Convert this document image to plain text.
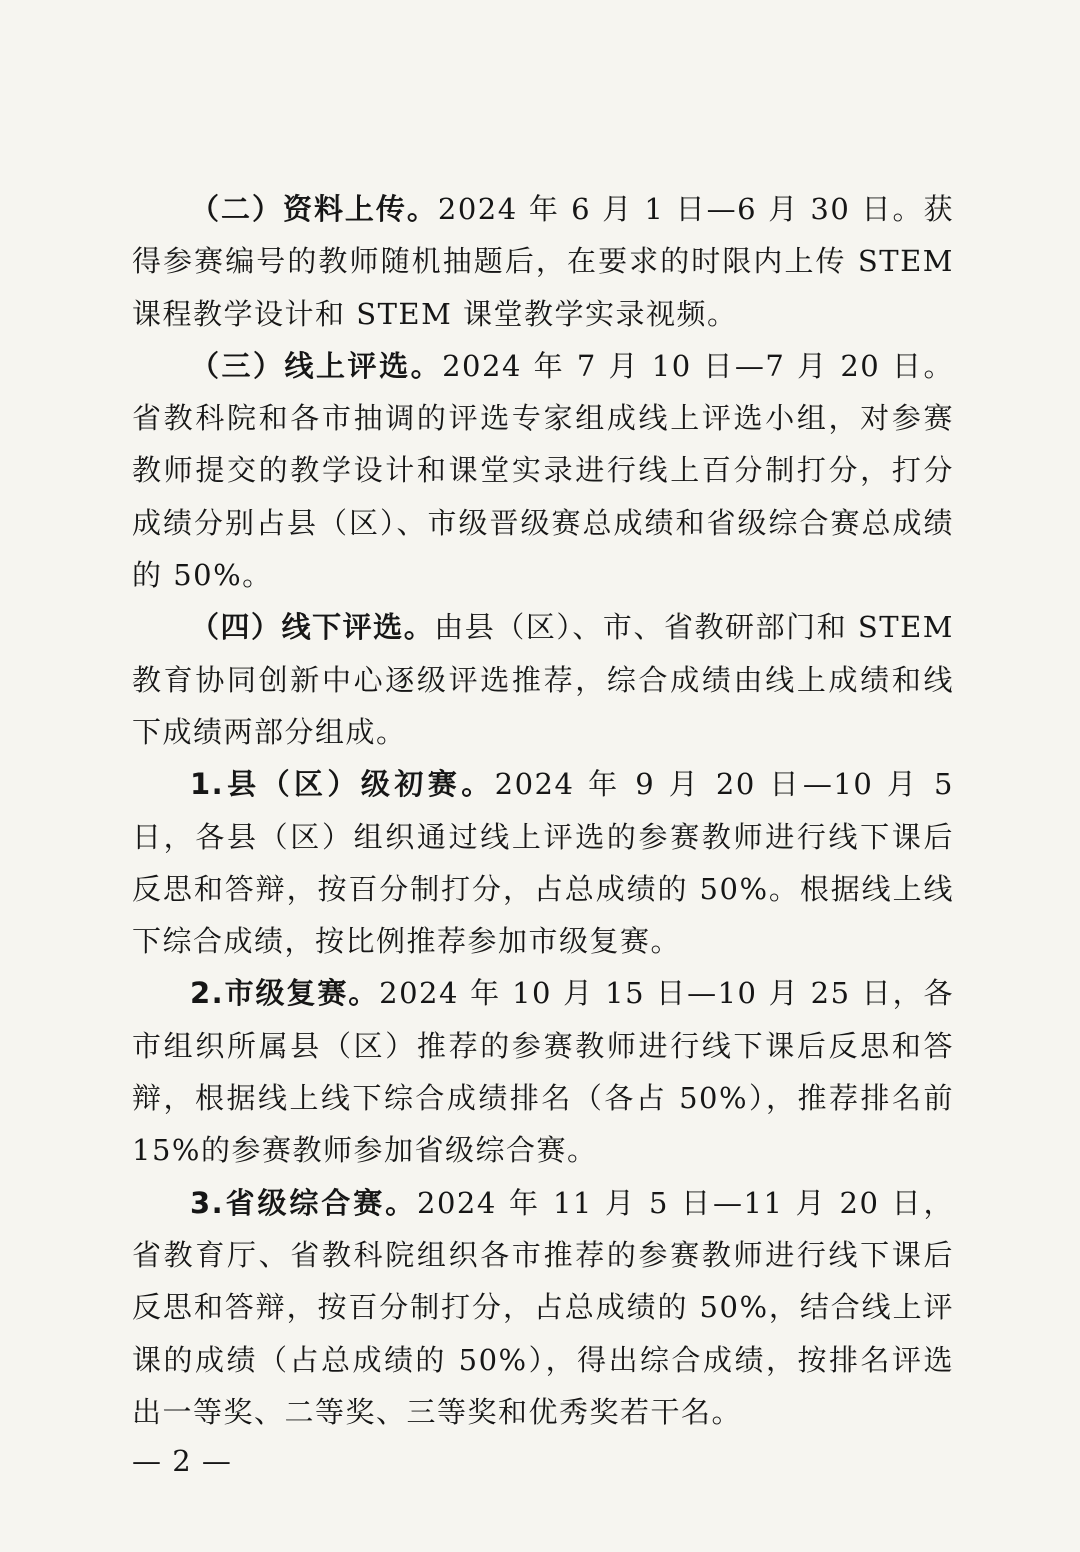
（二）资料上传。2024 年 6 月 1 日—6 月 30 日。获得参赛编号的教师随机抽题后，在要求的时限内上传 STEM 课程教学设计和 STEM 课堂教学实录视频。

（三）线上评选。2024 年 7 月 10 日—7 月 20 日。省教科院和各市抽调的评选专家组成线上评选小组，对参赛教师提交的教学设计和课堂实录进行线上百分制打分，打分成绩分别占县（区）、市级晋级赛总成绩和省级综合赛总成绩的 50%。

（四）线下评选。由县（区）、市、省教研部门和 STEM 教育协同创新中心逐级评选推荐，综合成绩由线上成绩和线下成绩两部分组成。

1.县（区）级初赛。2024 年 9 月 20 日—10 月 5 日，各县（区）组织通过线上评选的参赛教师进行线下课后反思和答辩，按百分制打分，占总成绩的 50%。根据线上线下综合成绩，按比例推荐参加市级复赛。

2.市级复赛。2024 年 10 月 15 日—10 月 25 日，各市组织所属县（区）推荐的参赛教师进行线下课后反思和答辩，根据线上线下综合成绩排名（各占 50%），推荐排名前 15%的参赛教师参加省级综合赛。

3.省级综合赛。2024 年 11 月 5 日—11 月 20 日，省教育厅、省教科院组织各市推荐的参赛教师进行线下课后反思和答辩，按百分制打分，占总成绩的 50%，结合线上评课的成绩（占总成绩的 50%），得出综合成绩，按排名评选出一等奖、二等奖、三等奖和优秀奖若干名。

— 2 —
